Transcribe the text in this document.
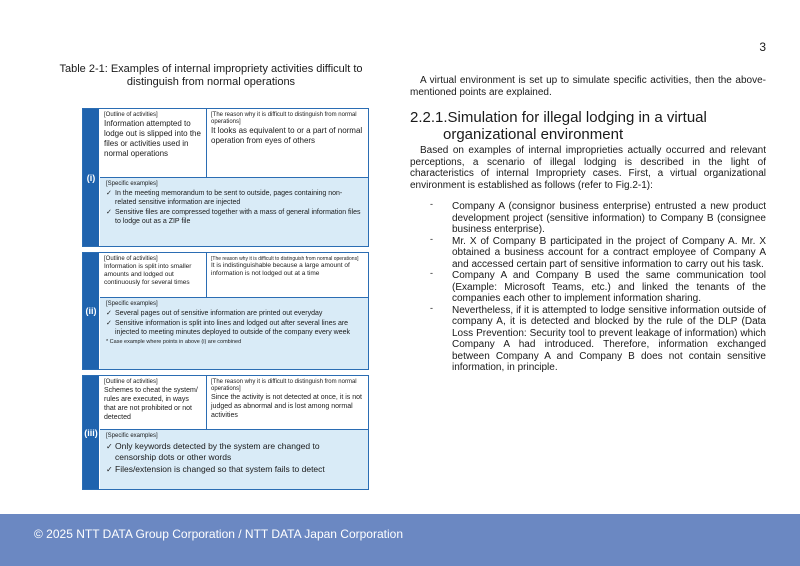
3
Table 2-1: Examples of internal impropriety activities difficult to distinguish from normal operations
(i)
[Outline of activities]
Information attempted to lodge out is slipped into the files or activities used in normal operations
[The reason why it is difficult to distinguish from normal operations]
It looks as equivalent to or a part of normal operation from eyes of others
[Specific examples]
✓ In the meeting memorandum to be sent to outside, pages containing non-related sensitive information are injected
✓ Sensitive files are compressed together with a mass of general information files to lodge out as a ZIP file
(ii)
[Outline of activities]
Information is split into smaller amounts and lodged out continuously for several times
[The reason why it is difficult to distinguish from normal operations]
It is indistinguishable because a large amount of information is not lodged out at a time
[Specific examples]
✓ Several pages out of sensitive information are printed out everyday
✓ Sensitive information is split into lines and lodged out after several lines are injected to meeting minutes deployed to outside of the company every week
* Case example where points in above (i) are combined
(iii)
[Outline of activities]
Schemes to cheat the system/ rules are executed, in ways that are not prohibited or not detected
[The reason why it is difficult to distinguish from normal operations]
Since the activity is not detected at once, it is not judged as abnormal and is lost among normal activities
[Specific examples]
✓ Only keywords detected by the system are changed to censorship dots or other words
✓ Files/extension is changed so that system fails to detect
A virtual environment is set up to simulate specific activities, then the above-mentioned points are explained.
2.2.1.Simulation for illegal lodging in a virtual
organizational environment
Based on examples of internal improprieties actually occurred and relevant perceptions, a scenario of illegal lodging is described in the light of characteristics of internal Impropriety cases. First, a virtual organizational environment is established as follows (refer to Fig.2-1):
- Company A (consignor business enterprise) entrusted a new product development project (sensitive information) to Company B (consignee business enterprise).
- Mr. X of Company B participated in the project of Company A. Mr. X obtained a business account for a contract employee of Company A and accessed certain part of sensitive information to carry out his task.
- Company A and Company B used the same communication tool (Example: Microsoft Teams, etc.) and linked the tenants of the companies each other to implement information sharing.
- Nevertheless, if it is attempted to lodge sensitive information outside of company A, it is detected and blocked by the rule of the DLP (Data Loss Prevention: Security tool to prevent leakage of information) which Company A had introduced. Therefore, information exchanged between Company A and Company B does not contain sensitive information, in principle.
© 2025 NTT DATA Group Corporation / NTT DATA Japan Corporation
